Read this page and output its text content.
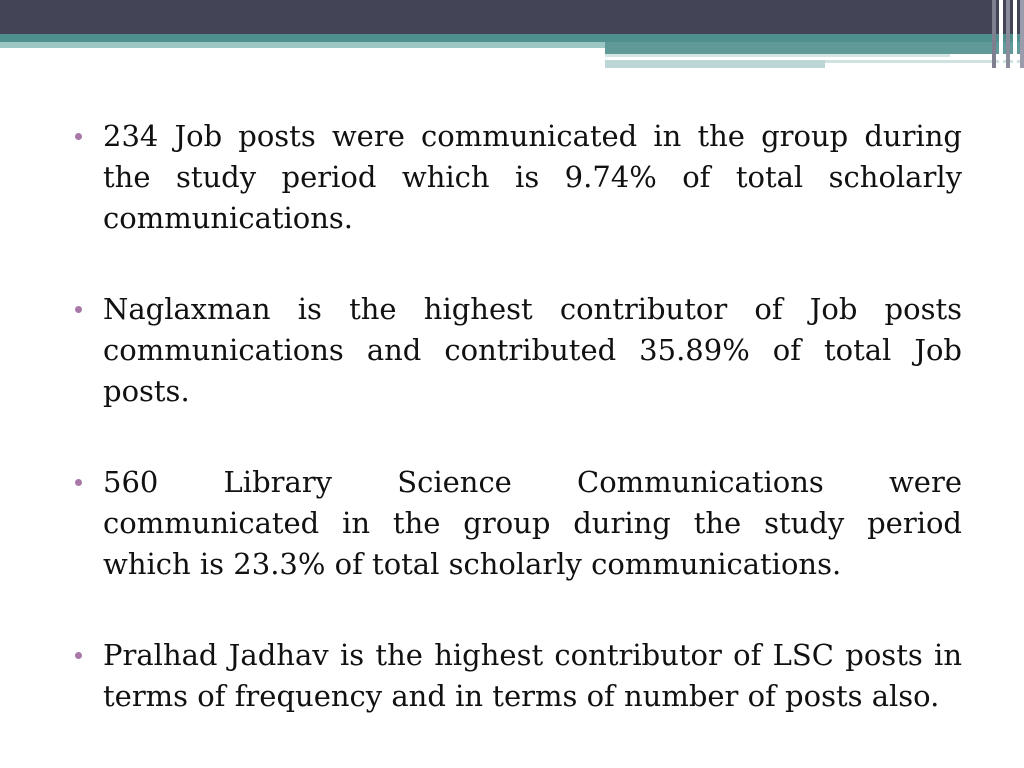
234 Job posts were communicated in the group during the study period which is 9.74% of total scholarly communications.
Naglaxman is the highest contributor of Job posts communications and contributed 35.89% of total Job posts.
560 Library Science Communications were communicated in the group during the study period which is 23.3% of total scholarly communications.
Pralhad Jadhav is the highest contributor of LSC posts in terms of frequency and in terms of number of posts also.
